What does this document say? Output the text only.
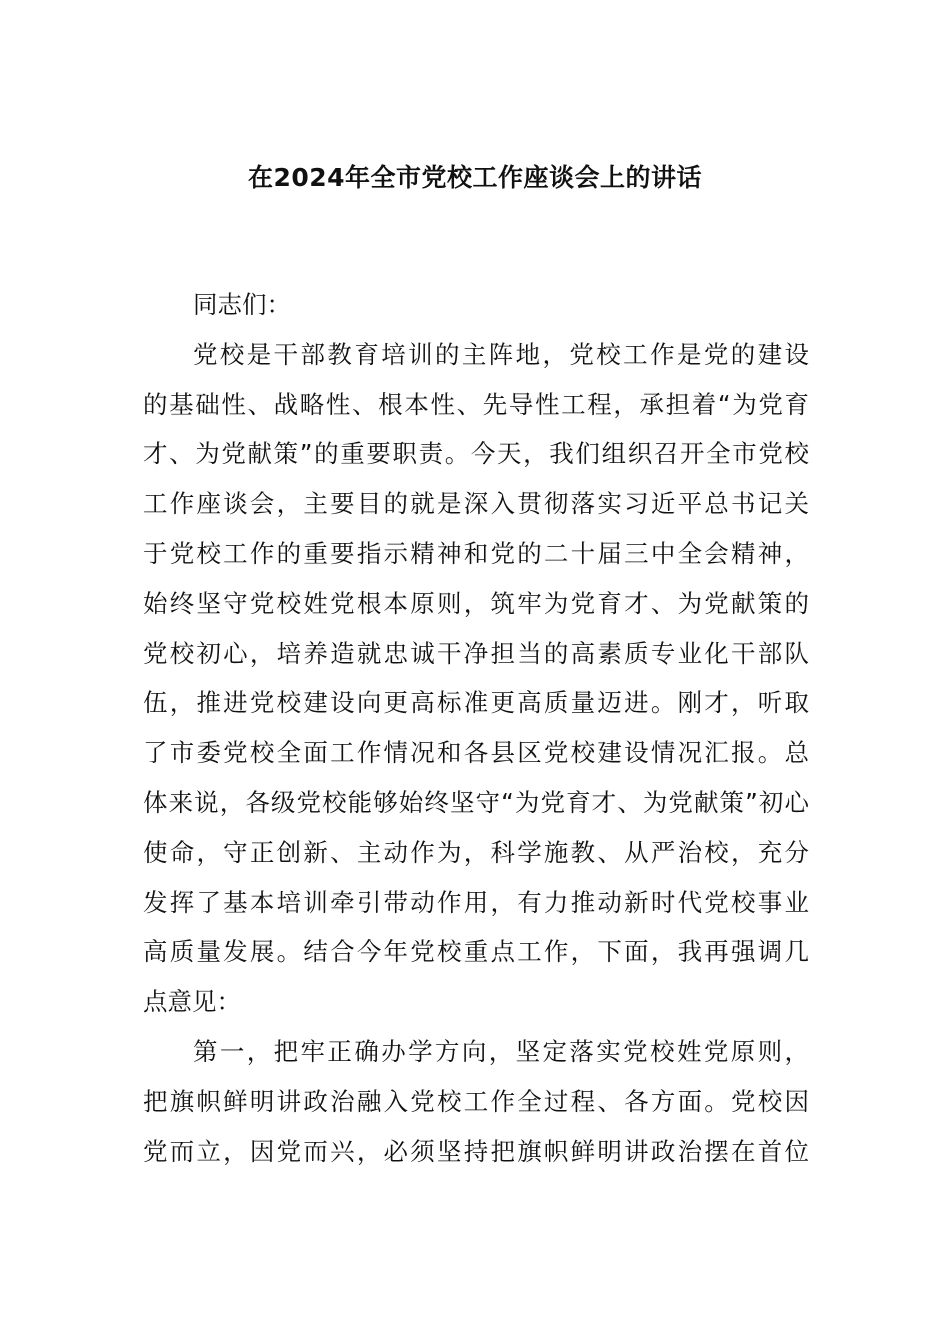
在2024年全市党校工作座谈会上的讲话
同志们：
党校是干部教育培训的主阵地，党校工作是党的建设
的基础性、战略性、根本性、先导性工程，承担着“为党育
才、为党献策”的重要职责。今天，我们组织召开全市党校
工作座谈会，主要目的就是深入贯彻落实习近平总书记关
于党校工作的重要指示精神和党的二十届三中全会精神，
始终坚守党校姓党根本原则，筑牢为党育才、为党献策的
党校初心，培养造就忠诚干净担当的高素质专业化干部队
伍，推进党校建设向更高标准更高质量迈进。刚才，听取
了市委党校全面工作情况和各县区党校建设情况汇报。总
体来说，各级党校能够始终坚守“为党育才、为党献策”初心
使命，守正创新、主动作为，科学施教、从严治校，充分
发挥了基本培训牵引带动作用，有力推动新时代党校事业
高质量发展。结合今年党校重点工作，下面，我再强调几
点意见：
第一，把牢正确办学方向，坚定落实党校姓党原则，
把旗帜鲜明讲政治融入党校工作全过程、各方面。党校因
党而立，因党而兴，必须坚持把旗帜鲜明讲政治摆在首位
